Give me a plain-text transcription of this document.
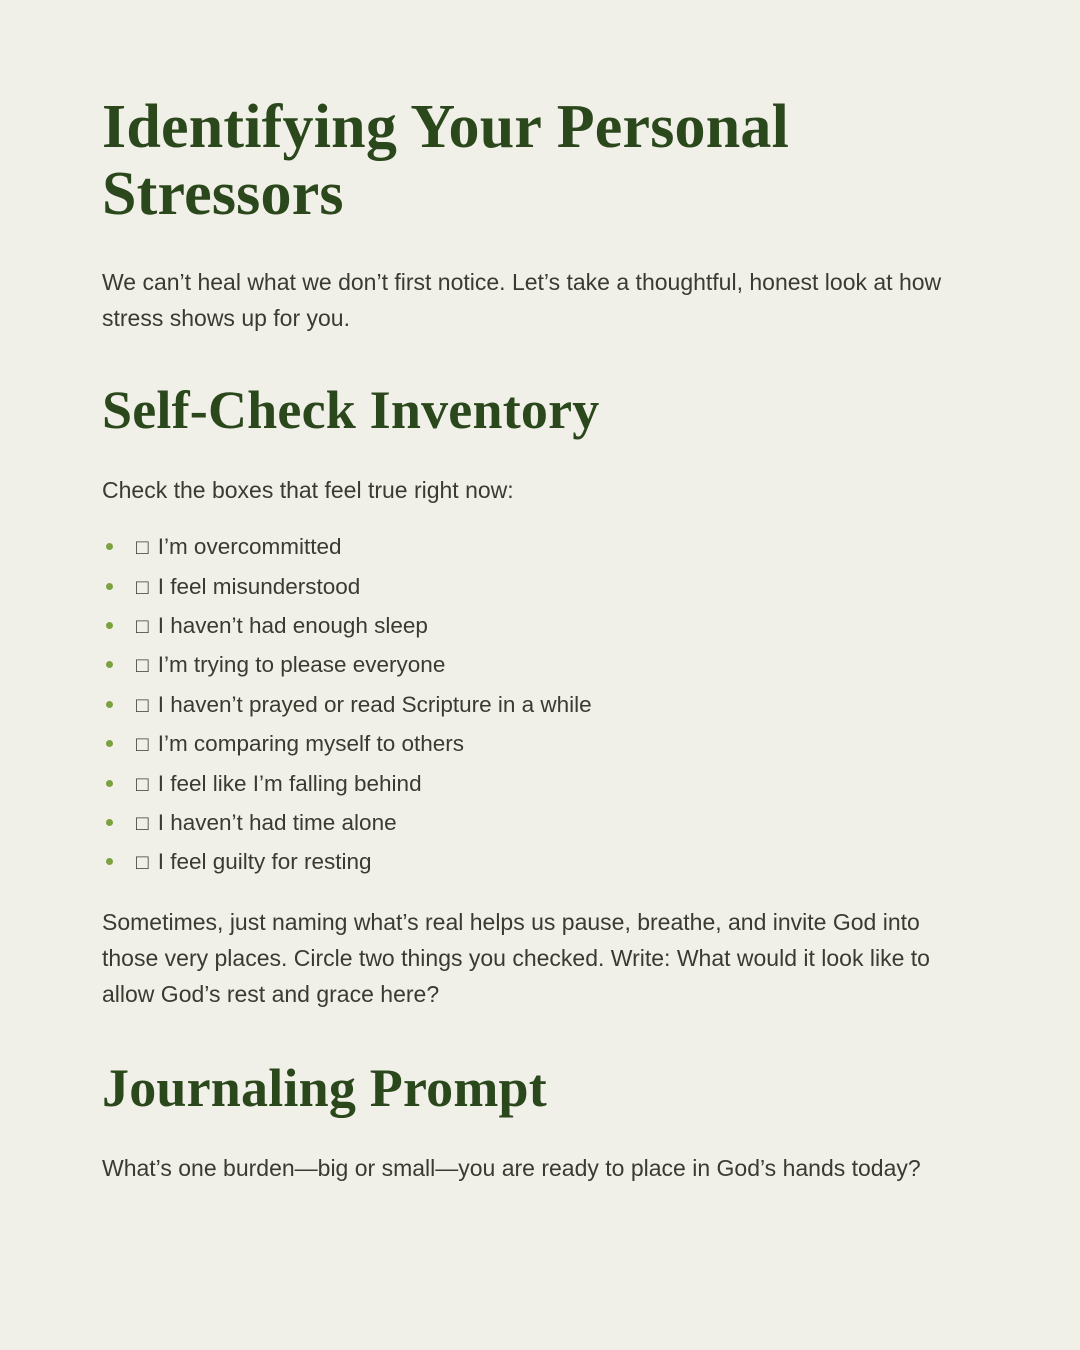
Identifying Your Personal Stressors

We can’t heal what we don’t first notice. Let’s take a thoughtful, honest look at how stress shows up for you.

Self-Check Inventory

Check the boxes that feel true right now:

□ I’m overcommitted
□ I feel misunderstood
□ I haven’t had enough sleep
□ I’m trying to please everyone
□ I haven’t prayed or read Scripture in a while
□ I’m comparing myself to others
□ I feel like I’m falling behind
□ I haven’t had time alone
□ I feel guilty for resting

Sometimes, just naming what’s real helps us pause, breathe, and invite God into those very places. Circle two things you checked. Write: What would it look like to allow God’s rest and grace here?

Journaling Prompt

What’s one burden—big or small—you are ready to place in God’s hands today?
